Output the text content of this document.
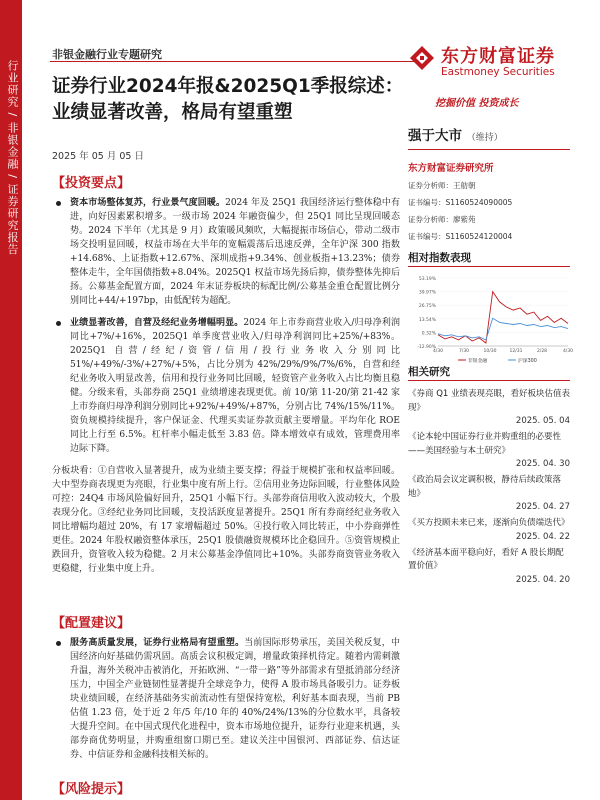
行业研究 / 非银金融 / 证券研究报告
非银金融行业专题研究
证券行业2024年报&2025Q1季报综述：
业绩显著改善，格局有望重塑
2025 年 05 月 05 日
东方财富证券
Eastmoney Securities
挖掘价值 投资成长
强于大市 （维持）
东方财富证券研究所
证券分析师：王舫朝
证书编号：S1160524090005
证券分析师：廖紫苑
证书编号：S1160524120004
相对指数表现
53.19%
39.97%
26.75%
13.54%
0.32%
-12.90%
4/30	7/30	10/30	12/31	2/28	4/30
非银金融	沪深300
相关研究
《券商 Q1 业绩表现亮眼，看好板块估值表现》
2025. 05. 04
《论本轮中国证券行业并购重组的必要性——美国经验与本土研究》
2025. 04. 30
《政治局会议定调积极，静待后续政策落地》
2025. 04. 27
《买方投顾未来已来，逐渐向负债端迭代》
2025. 04. 22
《经济基本面平稳向好，看好 A 股长期配置价值》
2025. 04. 20
【投资要点】
资本市场整体复苏，行业景气度回暖。2024 年及 25Q1 我国经济运行整体稳中有进，向好因素累积增多。一级市场 2024 年融资偏少，但 25Q1 同比呈现回暖态势。2024 下半年（尤其是 9 月）政策暖风频吹，大幅提振市场信心，带动二级市场交投明显回暖，权益市场在大半年的宽幅震荡后迅速反弹，全年沪深 300 指数+14.68%、上证指数+12.67%、深圳成指+9.34%、创业板指+13.23%；债券整体走牛，全年国债指数+8.04%。2025Q1 权益市场先扬后抑，债券整体先抑后扬。公募基金配置方面，2024 年末证券板块的标配比例/公募基金重仓配置比例分别同比+44/+197bp，由低配转为超配。
业绩显著改善，自营及经纪业务增幅明显。2024 年上市券商营业收入/归母净利润同比+7%/+16%，2025Q1 单季度营业收入/归母净利润同比+25%/+83%。2025Q1 自营/经纪/资管/信用/投行业务收入分别同比51%/+49%/-3%/+27%/+5%，占比分别为 42%/29%/9%/7%/6%，自营和经纪业务收入明显改善，信用和投行业务同比回暖，轻资管产业务收入占比均衡且稳健。分级来看，头部券商 25Q1 业绩增速表现更优。前 10/第 11-20/第 21-42 家上市券商归母净利润分别同比+92%/+49%/+87%，分别占比 74%/15%/11%。资负规模持续提升，客户保证金、代理买卖证券款贡献主要增量。平均年化 ROE 同比上行至 6.5%。杠杆率小幅走低至 3.83 倍。降本增效卓有成效，管理费用率边际下降。
分板块看：①自营收入显著提升，成为业绩主要支撑；得益于规模扩张和权益率回暖。大中型券商表现更为亮眼，行业集中度有所上行。②信用业务边际回暖，行业整体风险可控：24Q4 市场风险偏好回升，25Q1 小幅下行。头部券商信用收入波动较大，个股表现分化。③经纪业务同比回暖，支投活跃度显著提升。25Q1 所有券商经纪业务收入同比增幅均超过 20%，有 17 家增幅超过 50%。④投行收入同比转正，中小券商弹性更佳。2024 年股权融资整体承压，25Q1 股债融资规模环比企稳回升。⑤资管规模止跌回升，资管收入较为稳健。2 月末公募基金净值同比+10%。头部券商资管业务收入更稳健，行业集中度上升。
【配置建议】
服务高质量发展，证券行业格局有望重塑。当前国际形势承压，美国关税反复，中国经济向好基础仍需巩固。高质会议积极定调，增量政策择机待定。随着内需刺激升温，海外关税冲击被消化，开拓欧洲、“一带一路”等外部需求有望抵消部分经济压力，中国全产业链韧性显著提升全球竞争力，使得 A 股市场具备吸引力。证券板块业绩回暖，在经济基础务实前流动性有望保持宽松，利好基本面表现，当前 PB 估值 1.23 倍，处于近 2 年/5 年/10 年的 40%/24%/13%的分位数水平，具备较大提升空间。在中国式现代化进程中，资本市场地位提升，证券行业迎来机遇，头部券商优势明显，并购重组窗口期已至。建议关注中国银河、西部证券、信达证券、中信证券和金融科技相关标的。
【风险提示】
